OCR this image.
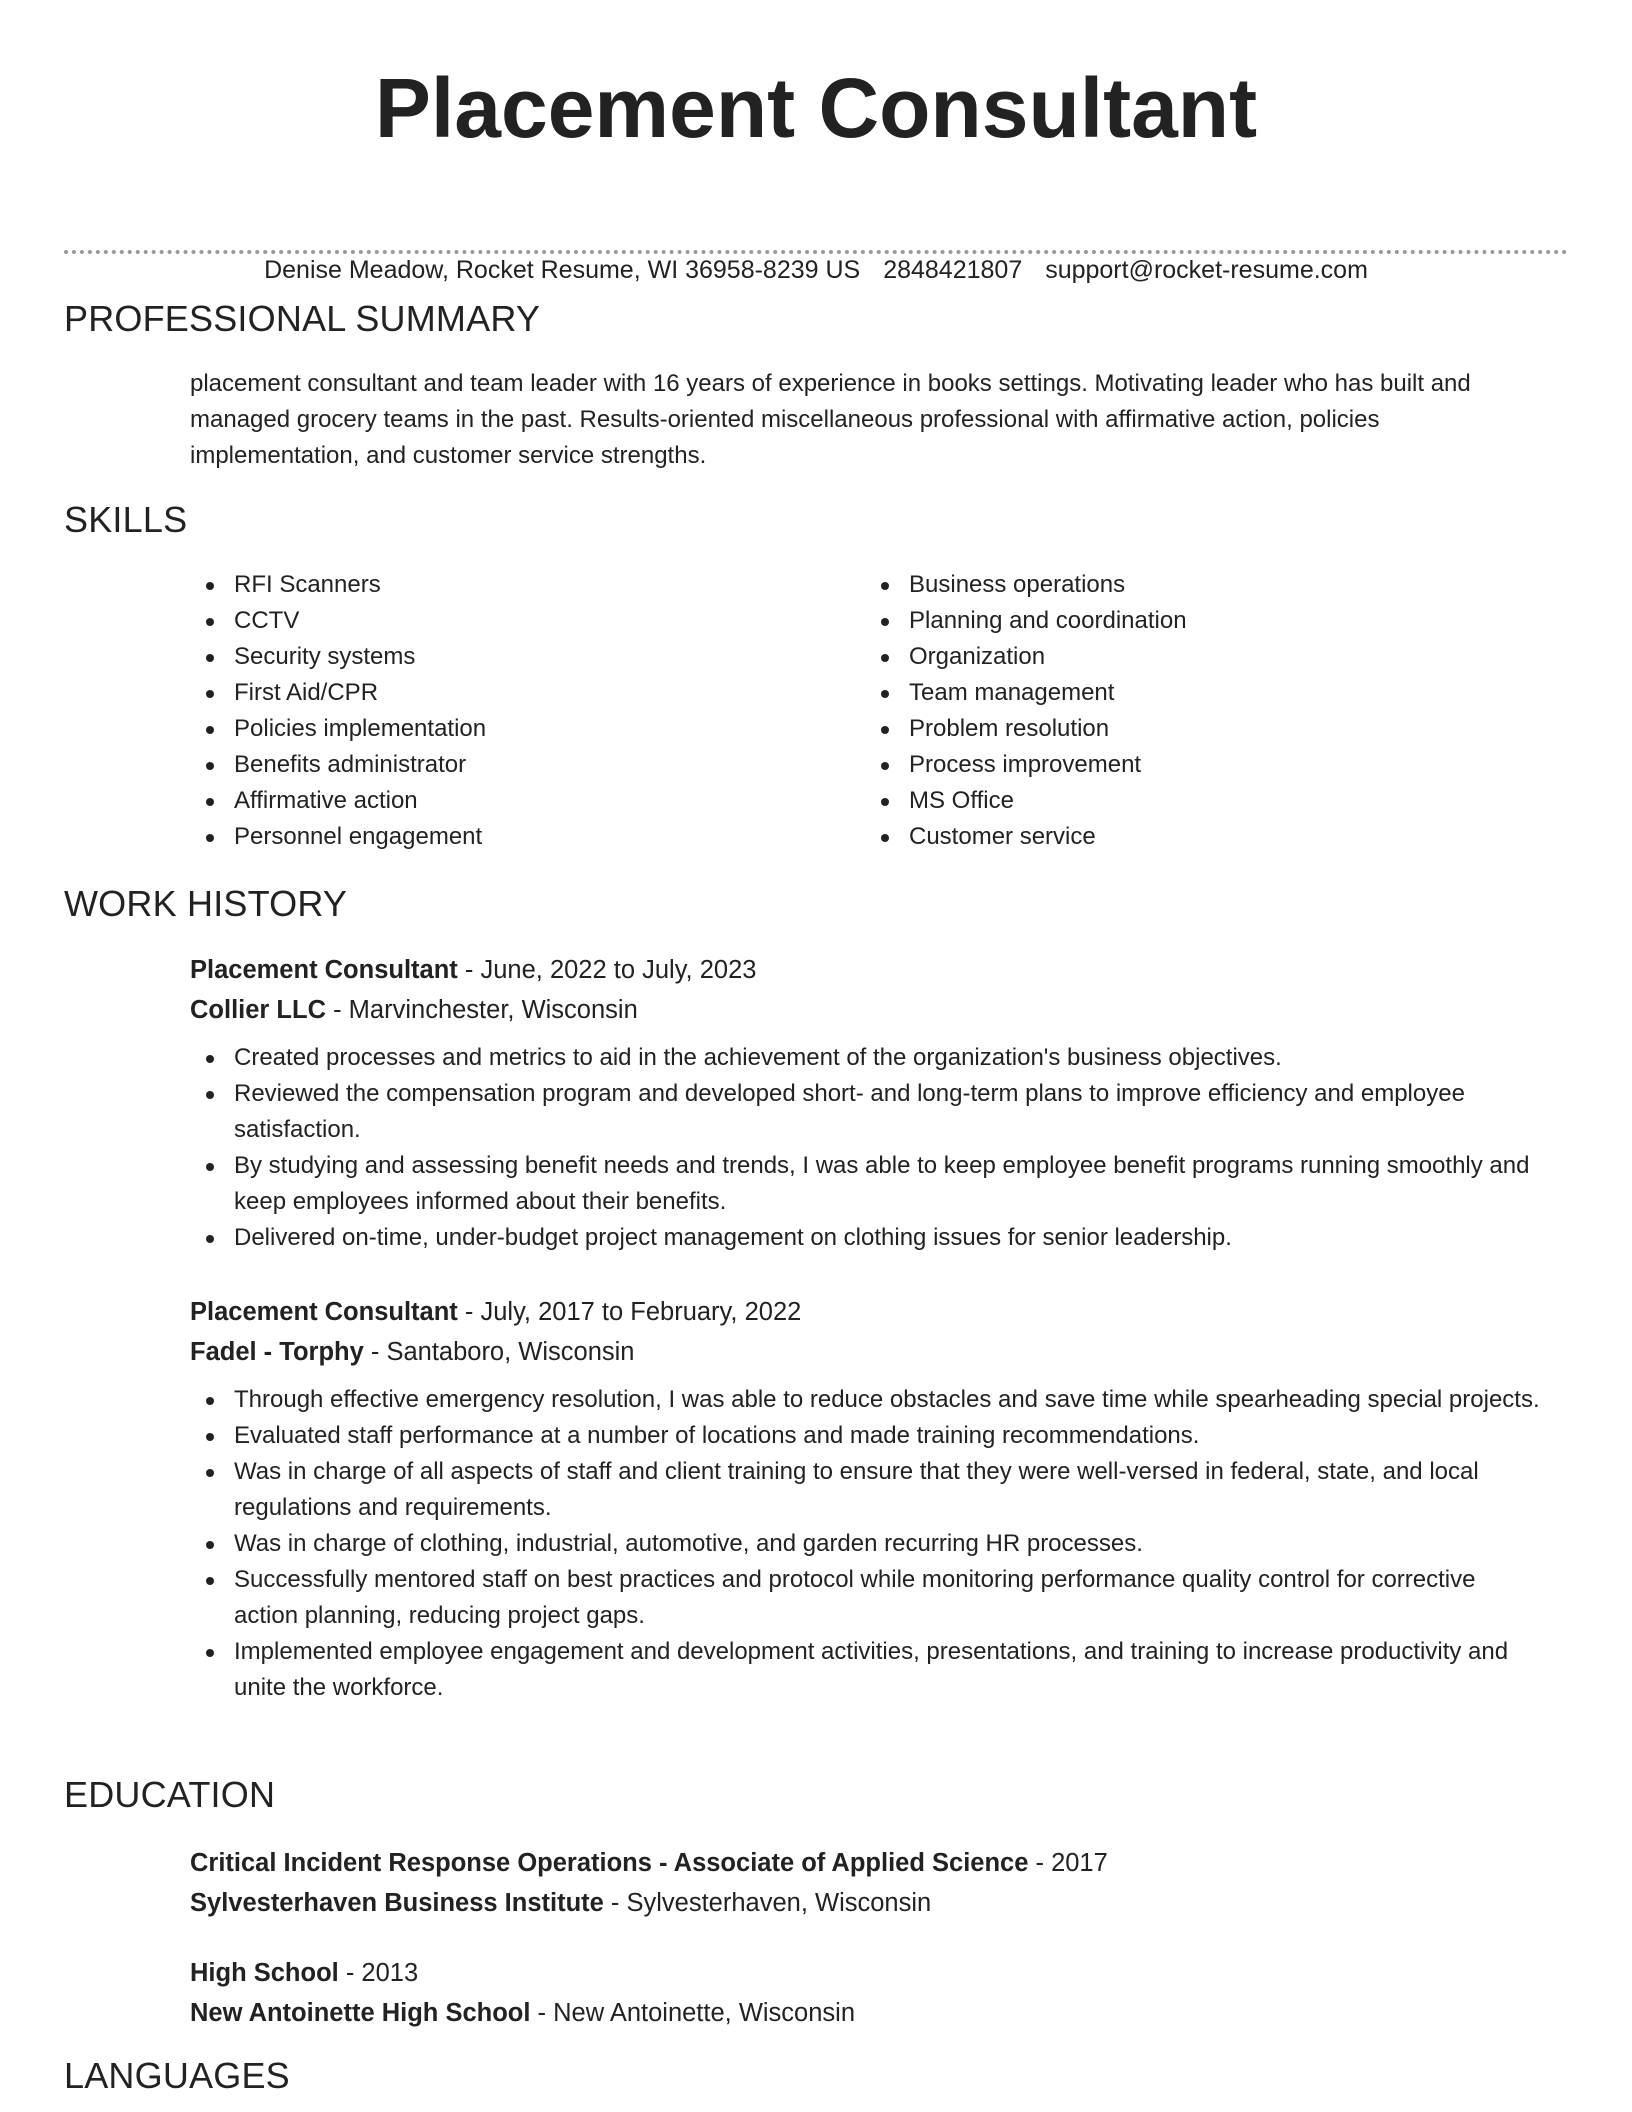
Placement Consultant
Denise Meadow, Rocket Resume, WI 36958-8239 US 2848421807 support@rocket-resume.com
PROFESSIONAL SUMMARY

placement consultant and team leader with 16 years of experience in books settings. Motivating leader who has built and managed grocery teams in the past. Results-oriented miscellaneous professional with affirmative action, policies implementation, and customer service strengths.

SKILLS
RFI Scanners
CCTV
Security systems
First Aid/CPR
Policies implementation
Benefits administrator
Affirmative action
Personnel engagement
Business operations
Planning and coordination
Organization
Team management
Problem resolution
Process improvement
MS Office
Customer service
WORK HISTORY
Placement Consultant - June, 2022 to July, 2023
Collier LLC - Marvinchester, Wisconsin
Created processes and metrics to aid in the achievement of the organization's business objectives.
Reviewed the compensation program and developed short- and long-term plans to improve efficiency and employee satisfaction.
By studying and assessing benefit needs and trends, I was able to keep employee benefit programs running smoothly and keep employees informed about their benefits.
Delivered on-time, under-budget project management on clothing issues for senior leadership.
Placement Consultant - July, 2017 to February, 2022
Fadel - Torphy - Santaboro, Wisconsin
Through effective emergency resolution, I was able to reduce obstacles and save time while spearheading special projects.
Evaluated staff performance at a number of locations and made training recommendations.
Was in charge of all aspects of staff and client training to ensure that they were well-versed in federal, state, and local regulations and requirements.
Was in charge of clothing, industrial, automotive, and garden recurring HR processes.
Successfully mentored staff on best practices and protocol while monitoring performance quality control for corrective action planning, reducing project gaps.
Implemented employee engagement and development activities, presentations, and training to increase productivity and unite the workforce.
EDUCATION
Critical Incident Response Operations - Associate of Applied Science - 2017
Sylvesterhaven Business Institute - Sylvesterhaven, Wisconsin
High School - 2013
New Antoinette High School - New Antoinette, Wisconsin
LANGUAGES
